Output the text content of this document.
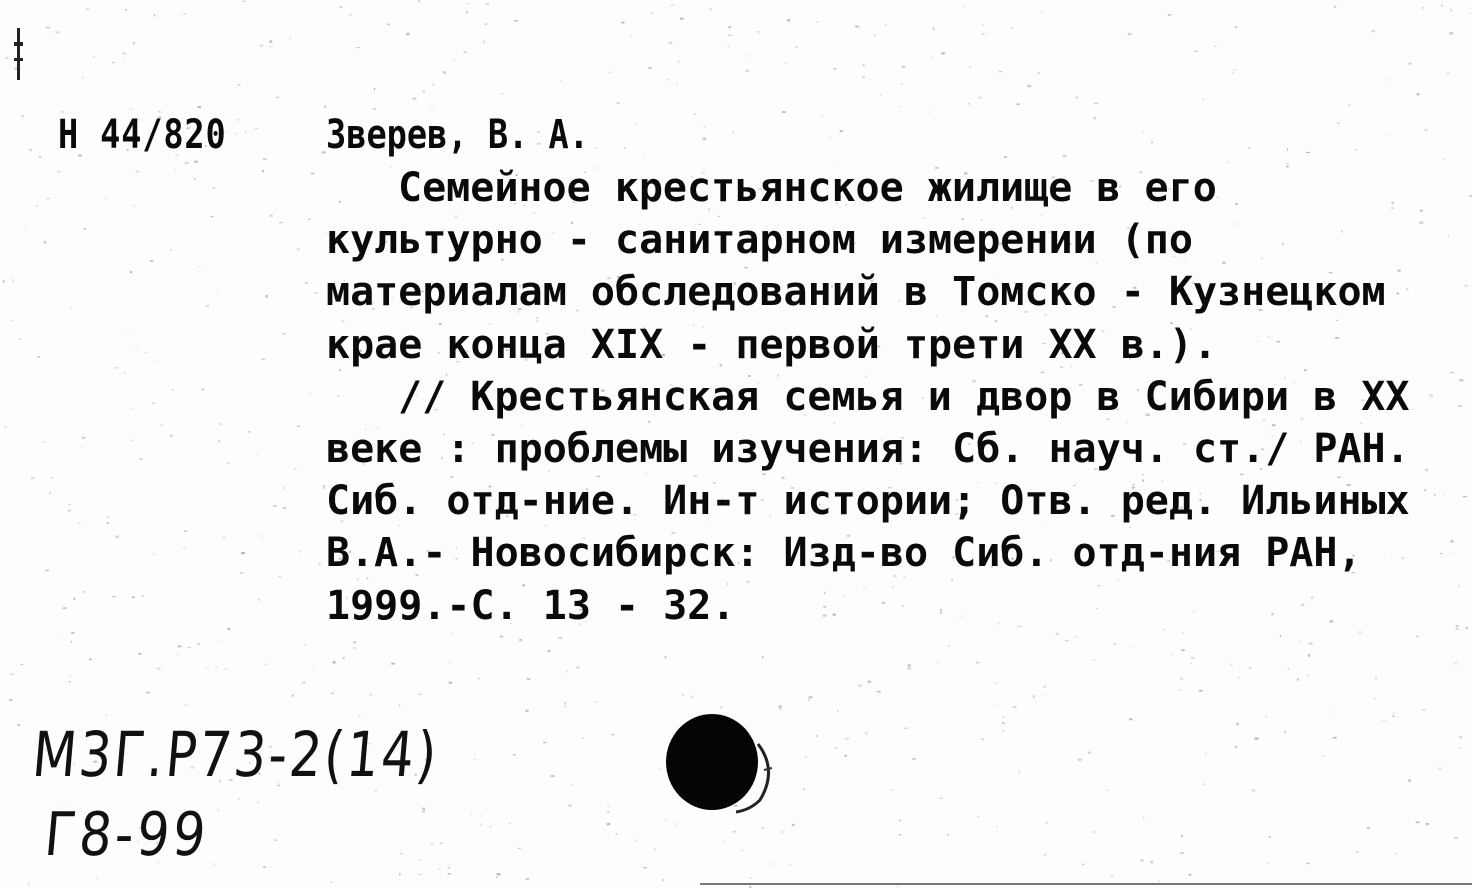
Н 44/820 Зверев, В. А.

Семейное крестьянское жилище в его
культурно - санитарном измерении (по
материалам обследований в Томско - Кузнецком
крае конца XIX - первой трети XX в.).

// Крестьянская семья и двор в Сибири в XX
веке : проблемы изучения: Сб. науч. ст./ РАН.
Сиб. отд-ние. Ин-т истории; Отв. ред. Ильиных
В.А.- Новосибирск: Изд-во Сиб. отд-ния РАН,
1999.-С. 13 - 32.

М3Г.Р73-2(14)
Г8-99
